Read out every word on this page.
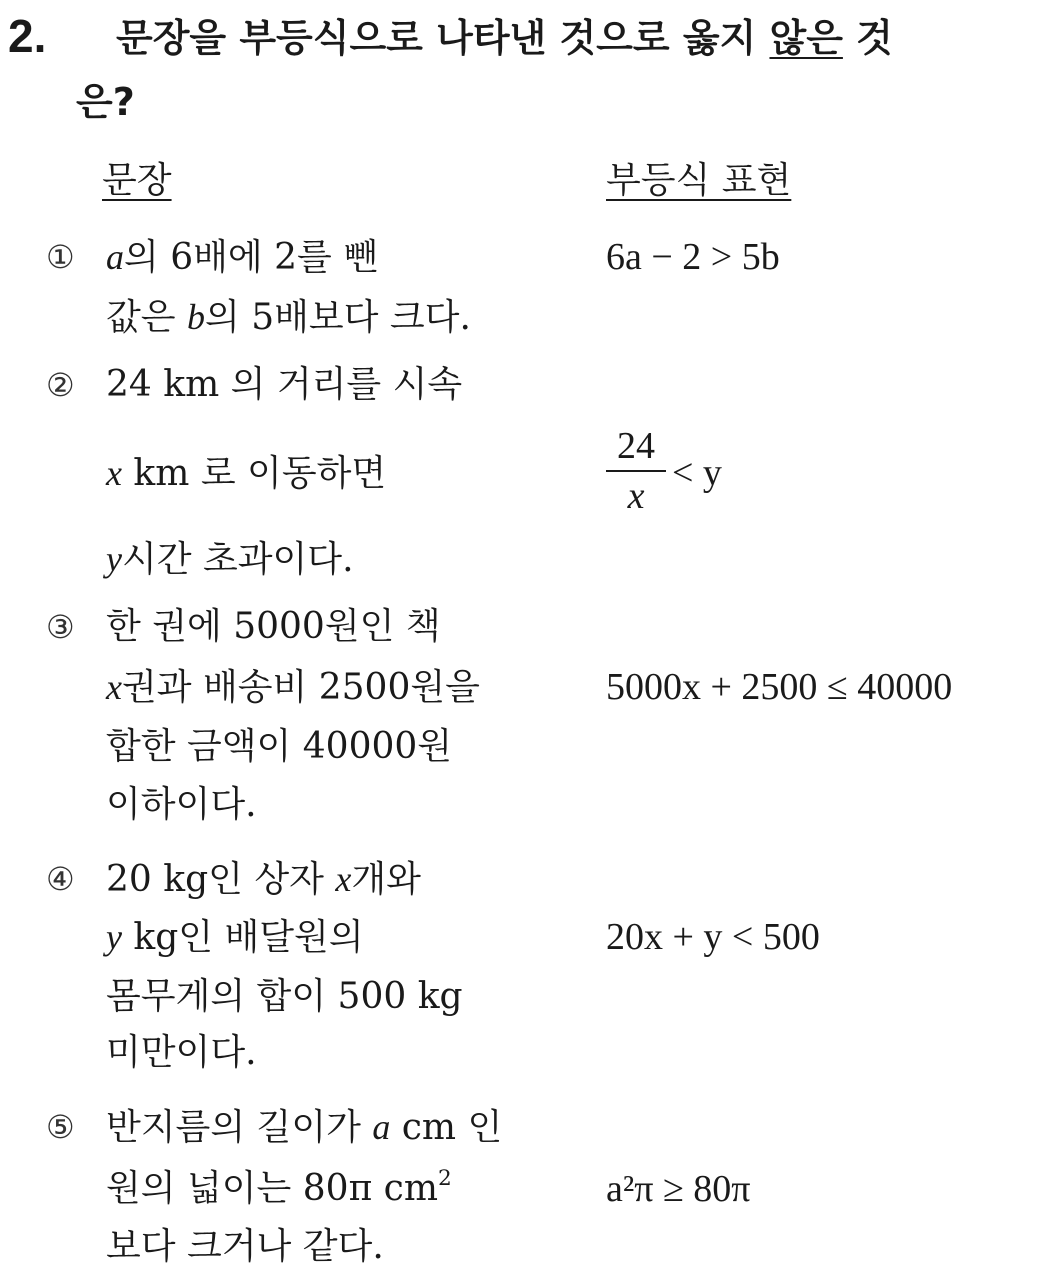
2. 문장을 부등식으로 나타낸 것으로 옳지 않은 것
은?
문장	부등식 표현
① a의 6배에 2를 뺀
값은 b의 5배보다 크다.
6a − 2 > 5b
② 24 km 의 거리를 시속
x km 로 이동하면
y시간 초과이다.
24
x
< y
③ 한 권에 5000원인 책
x권과 배송비 2500원을
합한 금액이 40000원
이하이다.
5000x + 2500 ≤ 40000
④ 20 kg인 상자 x개와
y kg인 배달원의
몸무게의 합이 500 kg
미만이다.
20x + y < 500
⑤ 반지름의 길이가 a cm 인
원의 넓이는 80π $cm^2$
보다 크거나 같다.
a²π ≥ 80π
